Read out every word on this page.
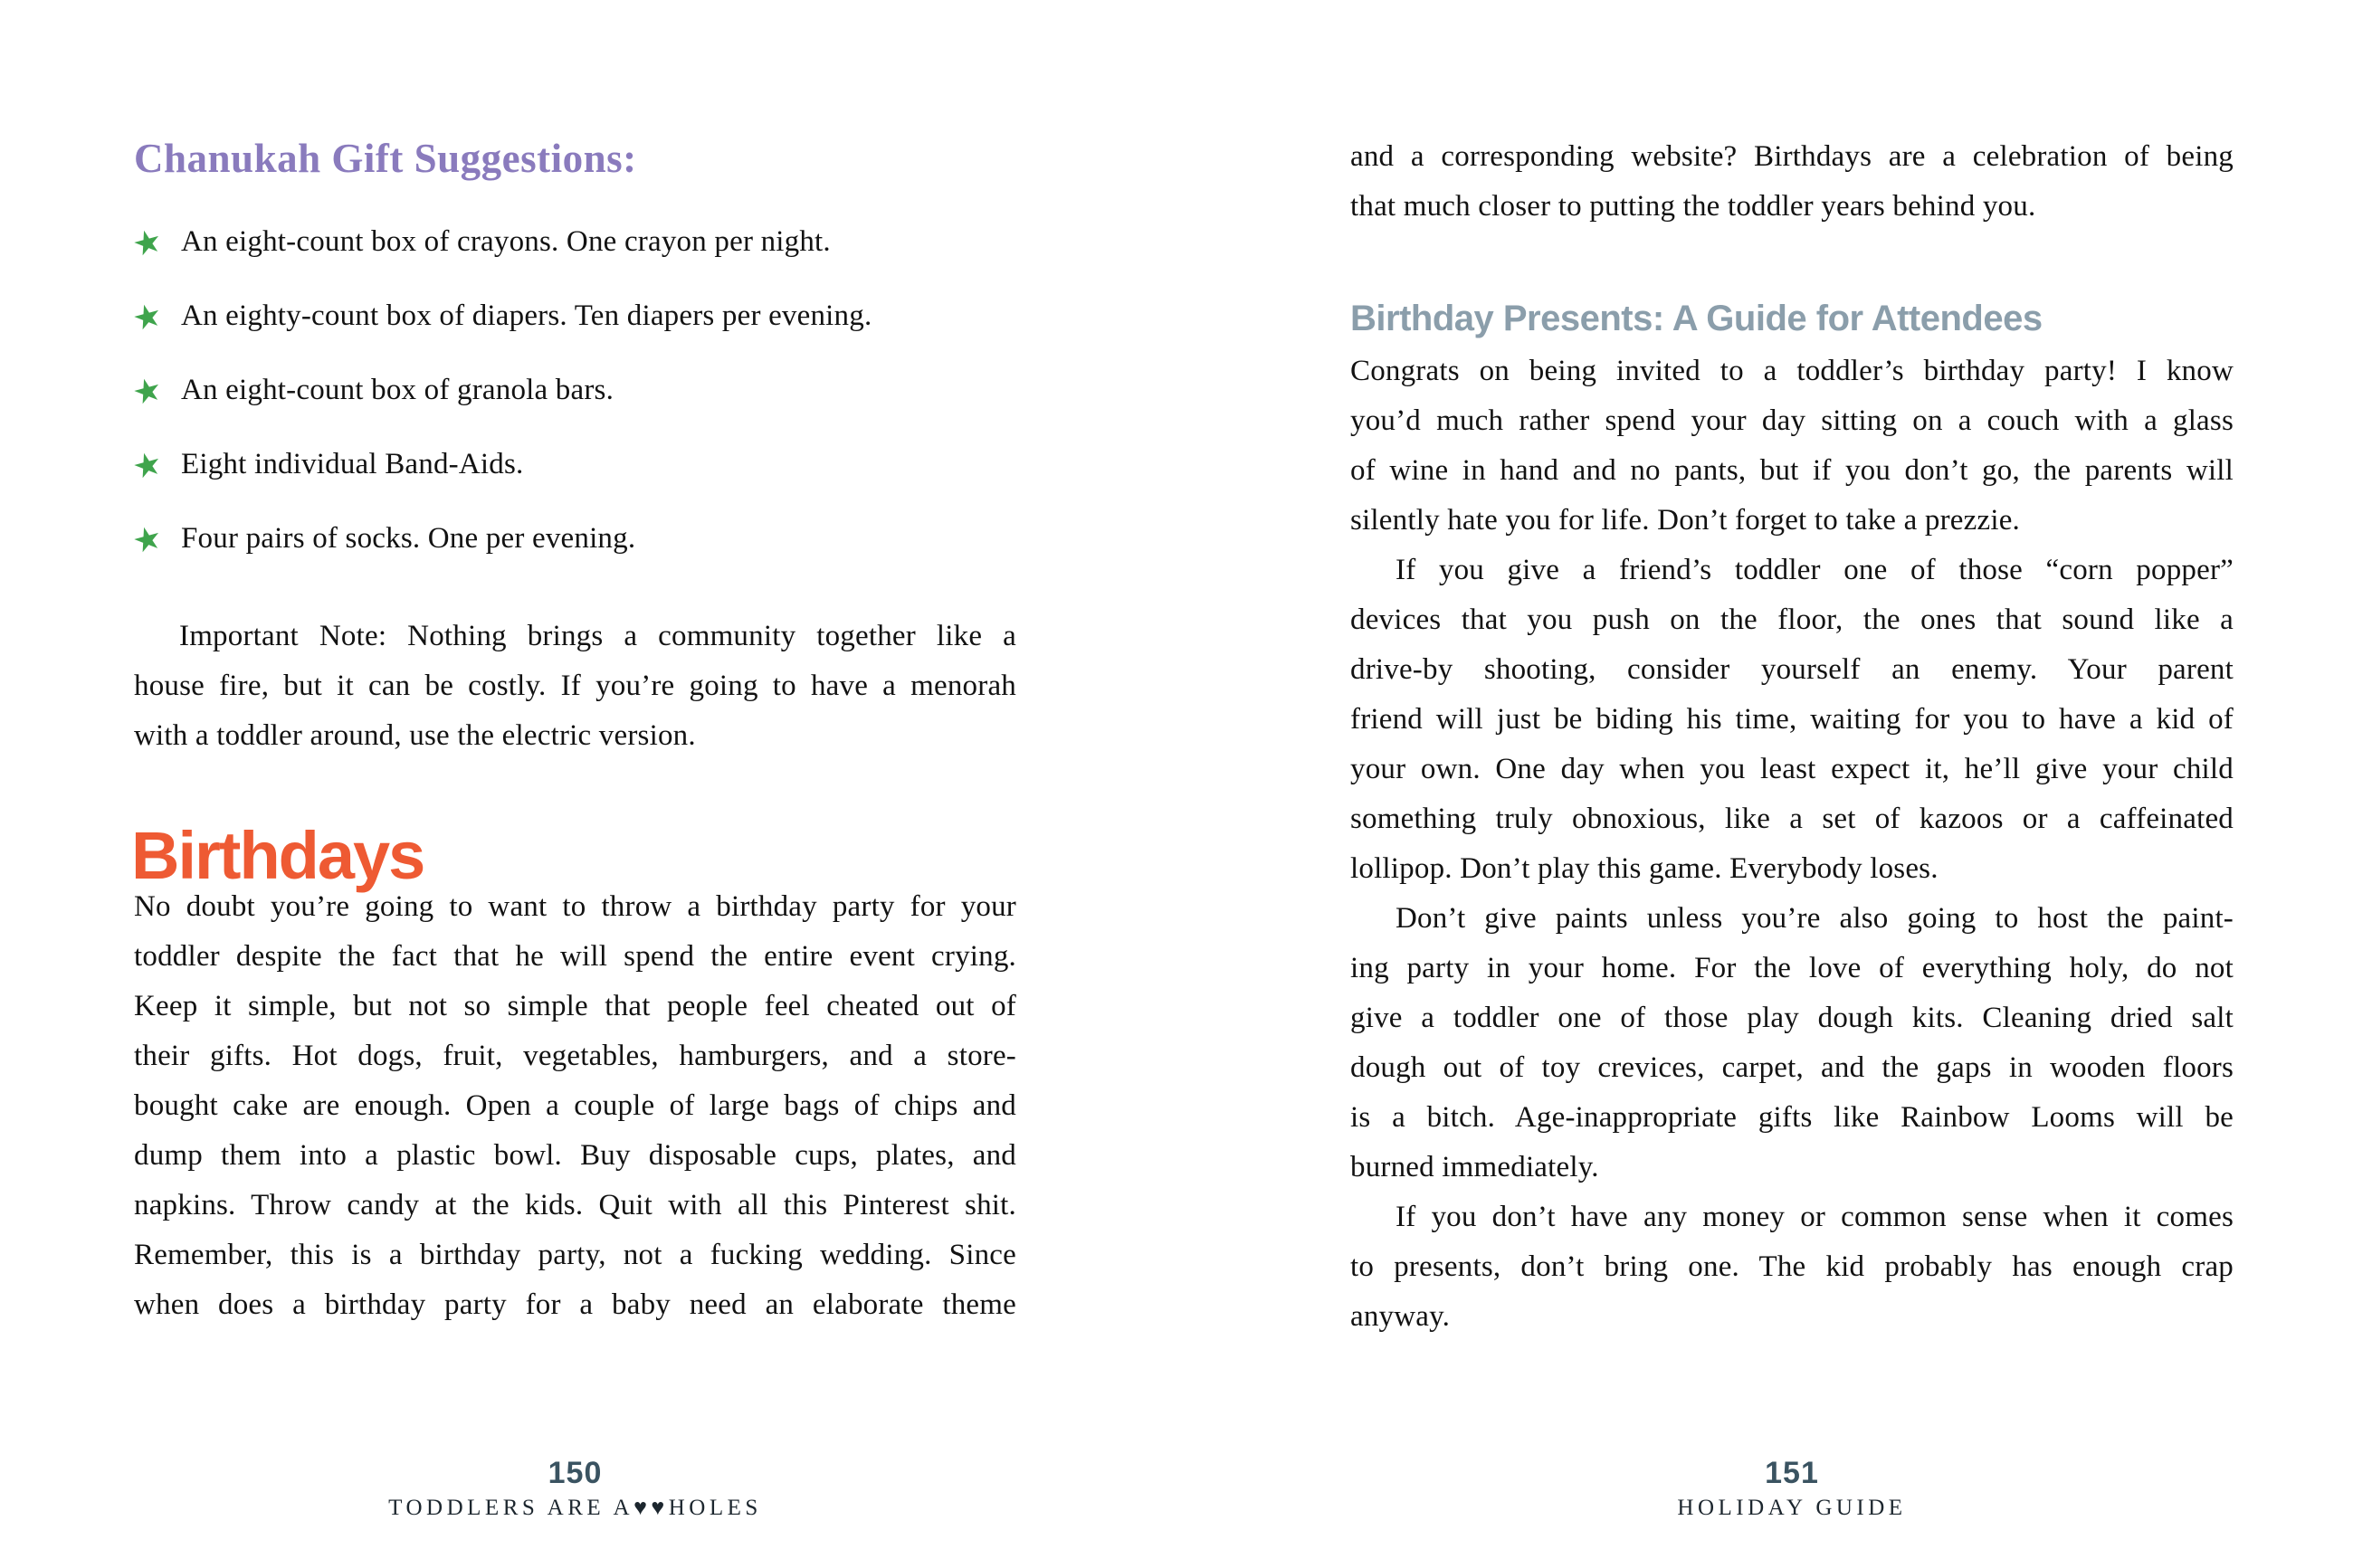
Chanukah Gift Suggestions:
★ An eight-count box of crayons. One crayon per night.
★ An eighty-count box of diapers. Ten diapers per evening.
★ An eight-count box of granola bars.
★ Eight individual Band-Aids.
★ Four pairs of socks. One per evening.
Important Note: Nothing brings a community together like a
house fire, but it can be costly. If you’re going to have a menorah
with a toddler around, use the electric version.
Birthdays
No doubt you’re going to want to throw a birthday party for your
toddler despite the fact that he will spend the entire event crying.
Keep it simple, but not so simple that people feel cheated out of
their gifts. Hot dogs, fruit, vegetables, hamburgers, and a store-
bought cake are enough. Open a couple of large bags of chips and
dump them into a plastic bowl. Buy disposable cups, plates, and
napkins. Throw candy at the kids. Quit with all this Pinterest shit.
Remember, this is a birthday party, not a fucking wedding. Since
when does a birthday party for a baby need an elaborate theme
150
TODDLERS ARE A♥♥HOLES
and a corresponding website? Birthdays are a celebration of being
that much closer to putting the toddler years behind you.
Birthday Presents: A Guide for Attendees
Congrats on being invited to a toddler’s birthday party! I know
you’d much rather spend your day sitting on a couch with a glass
of wine in hand and no pants, but if you don’t go, the parents will
silently hate you for life. Don’t forget to take a prezzie.
If you give a friend’s toddler one of those “corn popper”
devices that you push on the floor, the ones that sound like a
drive-by shooting, consider yourself an enemy. Your parent
friend will just be biding his time, waiting for you to have a kid of
your own. One day when you least expect it, he’ll give your child
something truly obnoxious, like a set of kazoos or a caffeinated
lollipop. Don’t play this game. Everybody loses.
Don’t give paints unless you’re also going to host the paint-
ing party in your home. For the love of everything holy, do not
give a toddler one of those play dough kits. Cleaning dried salt
dough out of toy crevices, carpet, and the gaps in wooden floors
is a bitch. Age-inappropriate gifts like Rainbow Looms will be
burned immediately.
If you don’t have any money or common sense when it comes
to presents, don’t bring one. The kid probably has enough crap
anyway.
151
HOLIDAY GUIDE
